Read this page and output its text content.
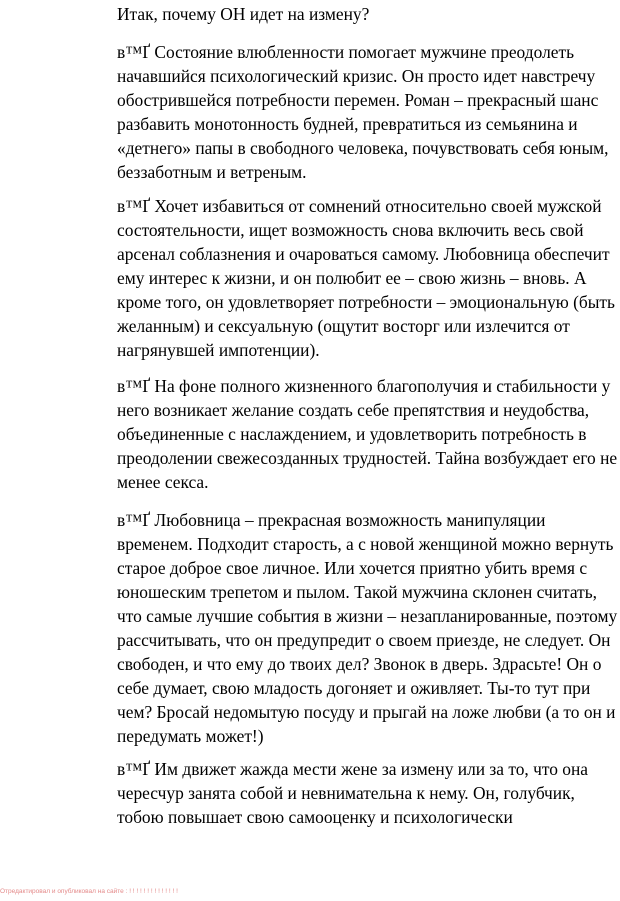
Итак, почему ОН идет на измену?
в™Ґ Состояние влюбленности помогает мужчине преодолеть
начавшийся психологический кризис. Он просто идет навстречу
обострившейся потребности перемен. Роман – прекрасный шанс
разбавить монотонность будней, превратиться из семьянина и
«детнего» папы в свободного человека, почувствовать себя юным,
беззаботным и ветреным.
в™Ґ Хочет избавиться от сомнений относительно своей мужской
состоятельности, ищет возможность снова включить весь свой
арсенал соблазнения и очароваться самому. Любовница обеспечит
ему интерес к жизни, и он полюбит ее – свою жизнь – вновь. А
кроме того, он удовлетворяет потребности – эмоциональную (быть
желанным) и сексуальную (ощутит восторг или излечится от
нагрянувшей импотенции).
в™Ґ На фоне полного жизненного благополучия и стабильности у
него возникает желание создать себе препятствия и неудобства,
объединенные с наслаждением, и удовлетворить потребность в
преодолении свежесозданных трудностей. Тайна возбуждает его не
менее секса.
в™Ґ Любовница – прекрасная возможность манипуляции
временем. Подходит старость, а с новой женщиной можно вернуть
старое доброе свое личное. Или хочется приятно убить время с
юношеским трепетом и пылом. Такой мужчина склонен считать,
что самые лучшие события в жизни – незапланированные, поэтому
рассчитывать, что он предупредит о своем приезде, не следует. Он
свободен, и что ему до твоих дел? Звонок в дверь. Здрасьте! Он о
себе думает, свою младость догоняет и оживляет. Ты-то тут при
чем? Бросай недомытую посуду и прыгай на ложе любви (а то он и
передумать может!)
в™Ґ Им движет жажда мести жене за измену или за то, что она
чересчур занята собой и невнимательна к нему. Он, голубчик,
тобою повышает свою самооценку и психологически
Отредактировал и опубликовал на сайте : ! ! ! ! ! ! ! ! ! ! ! ! ! !
